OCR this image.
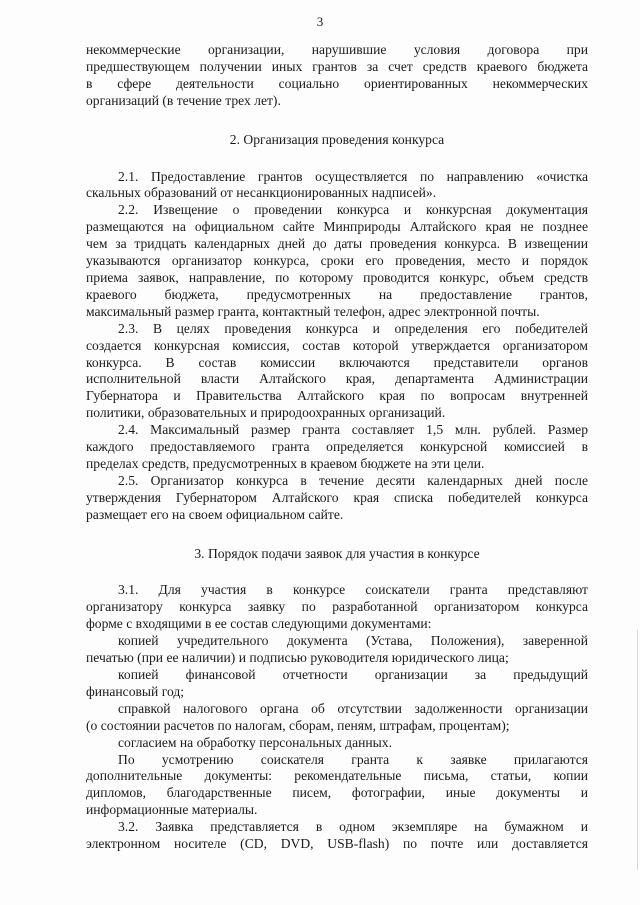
3
некоммерческие организации, нарушившие условия договора при
предшествующем получении иных грантов за счет средств краевого бюджета
в сфере деятельности социально ориентированных некоммерческих
организаций (в течение трех лет).
2. Организация проведения конкурса
2.1. Предоставление грантов осуществляется по направлению «очистка
скальных образований от несанкционированных надписей».
2.2. Извещение о проведении конкурса и конкурсная документация
размещаются на официальном сайте Минприроды Алтайского края не позднее
чем за тридцать календарных дней до даты проведения конкурса. В извещении
указываются организатор конкурса, сроки его проведения, место и порядок
приема заявок, направление, по которому проводится конкурс, объем средств
краевого бюджета, предусмотренных на предоставление грантов,
максимальный размер гранта, контактный телефон, адрес электронной почты.
2.3. В целях проведения конкурса и определения его победителей
создается конкурсная комиссия, состав которой утверждается организатором
конкурса. В состав комиссии включаются представители органов
исполнительной власти Алтайского края, департамента Администрации
Губернатора и Правительства Алтайского края по вопросам внутренней
политики, образовательных и природоохранных организаций.
2.4. Максимальный размер гранта составляет 1,5 млн. рублей. Размер
каждого предоставляемого гранта определяется конкурсной комиссией в
пределах средств, предусмотренных в краевом бюджете на эти цели.
2.5. Организатор конкурса в течение десяти календарных дней после
утверждения Губернатором Алтайского края списка победителей конкурса
размещает его на своем официальном сайте.
3. Порядок подачи заявок для участия в конкурсе
3.1. Для участия в конкурсе соискатели гранта представляют
организатору конкурса заявку по разработанной организатором конкурса
форме с входящими в ее состав следующими документами:
копией учредительного документа (Устава, Положения), заверенной
печатью (при ее наличии) и подписью руководителя юридического лица;
копией финансовой отчетности организации за предыдущий
финансовый год;
справкой налогового органа об отсутствии задолженности организации
(о состоянии расчетов по налогам, сборам, пеням, штрафам, процентам);
согласием на обработку персональных данных.
По усмотрению соискателя гранта к заявке прилагаются
дополнительные документы: рекомендательные письма, статьи, копии
дипломов, благодарственные писем, фотографии, иные документы и
информационные материалы.
3.2. Заявка представляется в одном экземпляре на бумажном и
электронном носителе (CD, DVD, USB-flash) по почте или доставляется
